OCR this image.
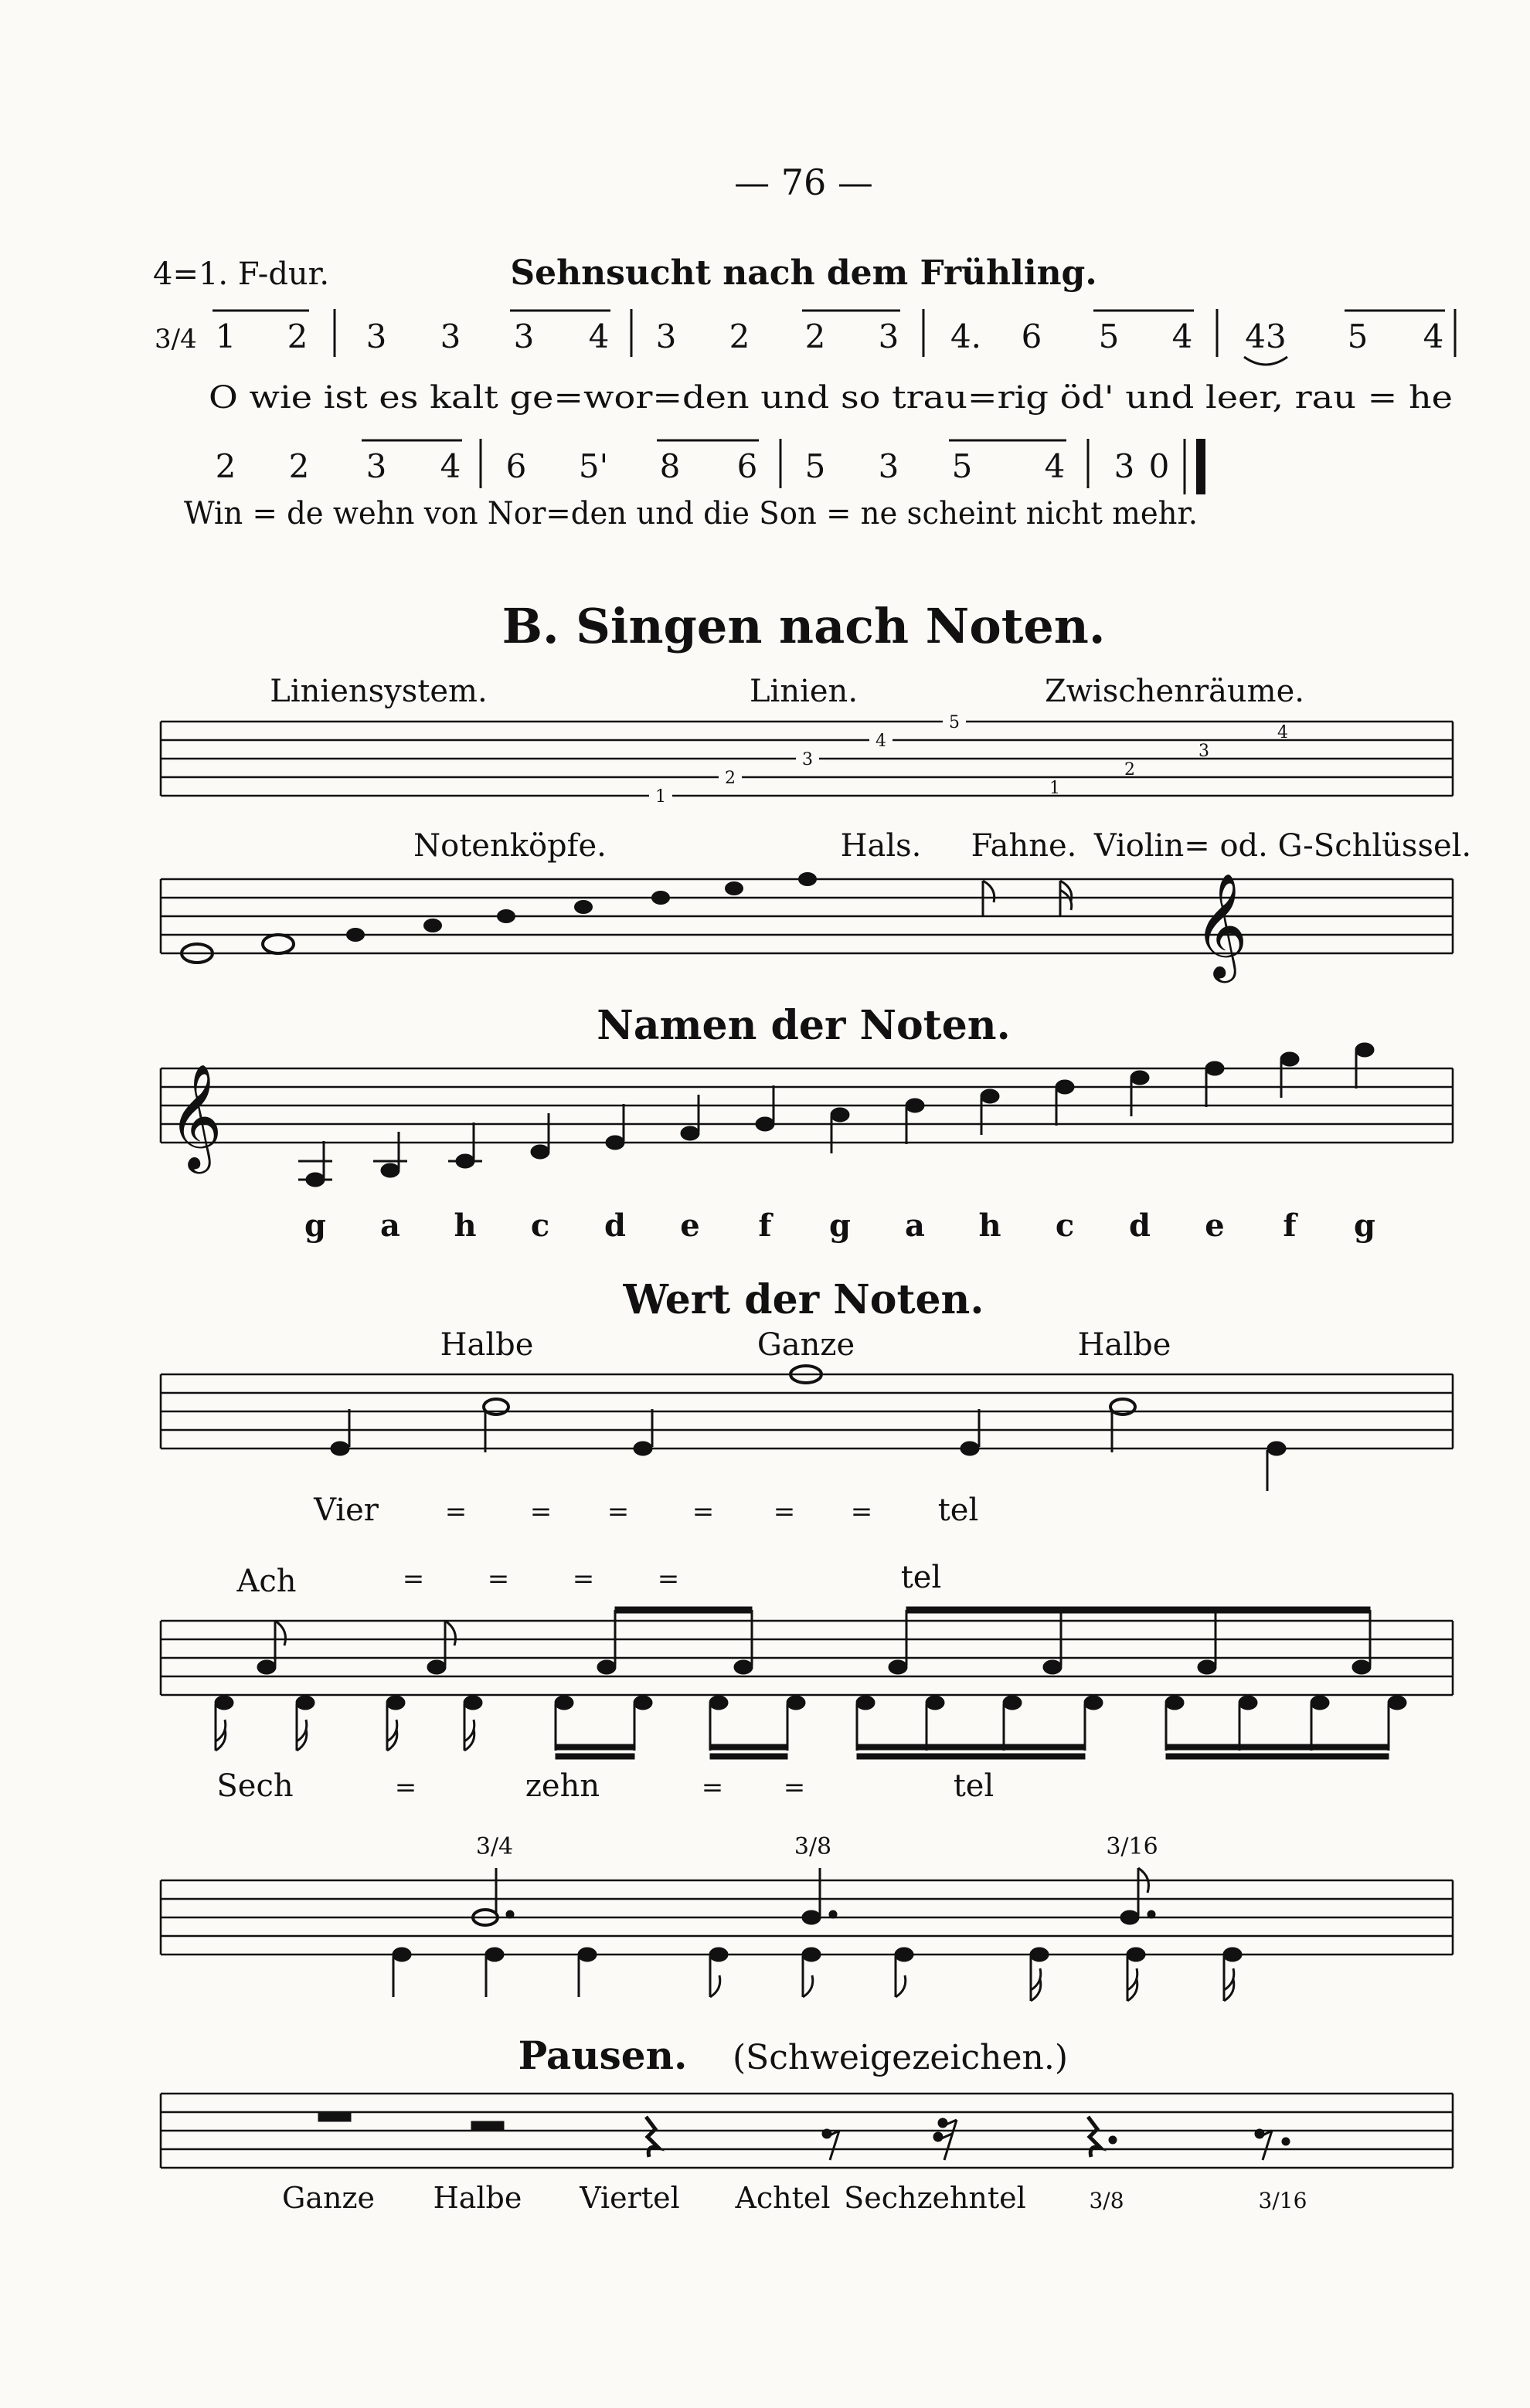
— 76 —
4=1. F-dur.	Sehnsucht nach dem Frühling.
3/4 1 2 3 3 3 4 3 2 2 3 4. 6 5 4 43 5 4
O wie ist es kalt ge=wor=den und so trau=rig öd' und leer, rau = he
2 2 3 4 6 5' 8 6 5 3 5 4 3 0
Win = de wehn von Nor=den und die Son = ne scheint nicht mehr.
B. Singen nach Noten.
Liniensystem.	Linien.	Zwischenräume.
1
2
3
4
5
1
2
3
4
Notenköpfe.	Hals. Fahne. Violin= od. G-Schlüssel.
𝄞
Namen der Noten.
𝄞
g a h c d e f g a h c d e f g
Wert der Noten.
Halbe	Ganze	Halbe
Vier	= = = = = = tel
Ach	= = = =	tel
Sech	=	zehn	= =	tel
3/4	3/8	3/16
Pausen. (Schweigezeichen.)
Ganze Halbe Viertel Achtel Sechzehntel	3/8	3/16
